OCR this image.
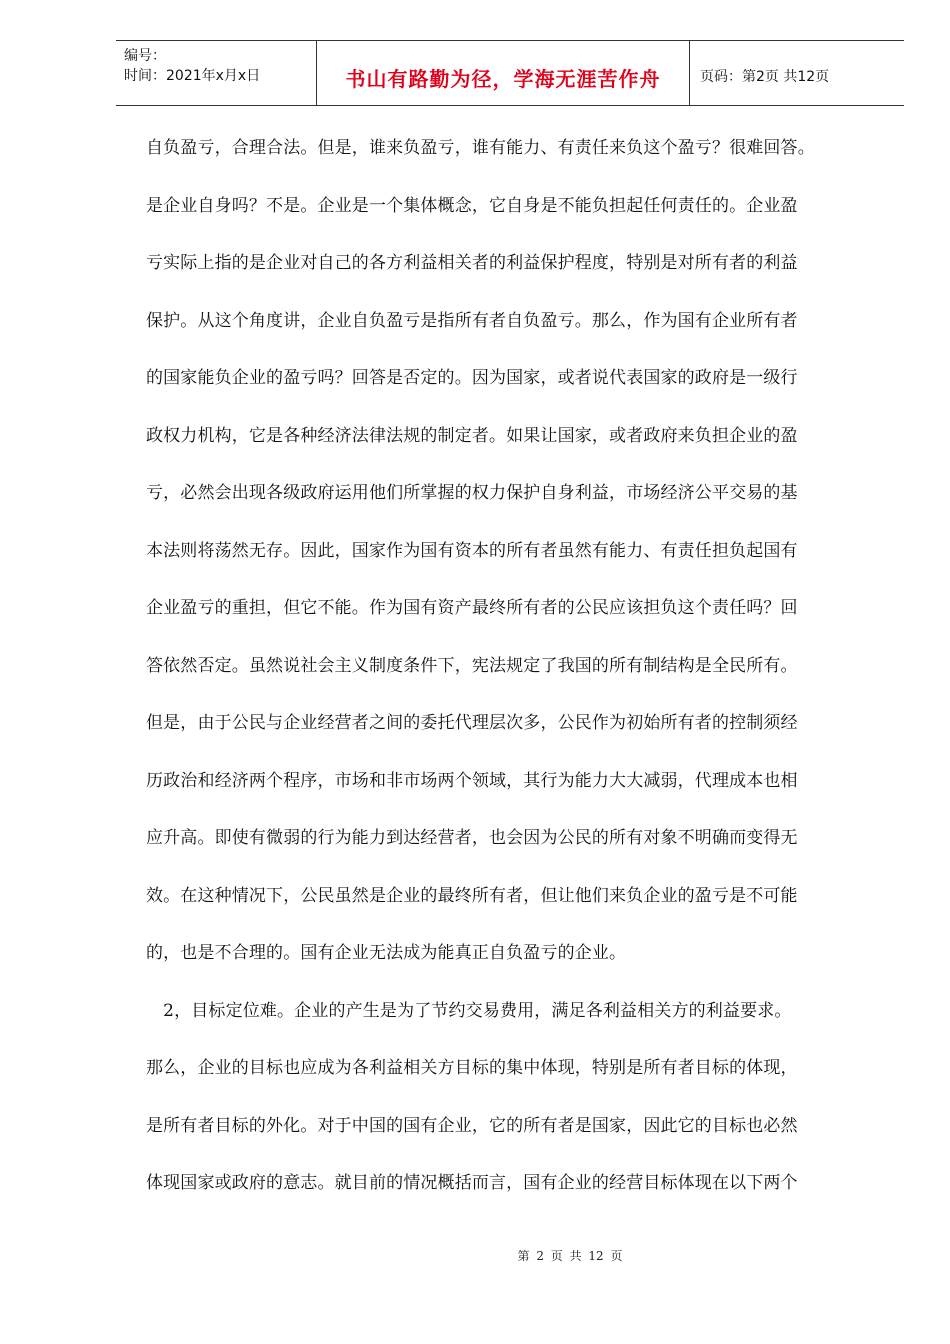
编号：
时间：2021年x月x日	书山有路勤为径，学海无涯苦作舟	页码：第2页 共12页
自负盈亏，合理合法。但是，谁来负盈亏，谁有能力、有责任来负这个盈亏？很难回答。
是企业自身吗？不是。企业是一个集体概念，它自身是不能负担起任何责任的。企业盈
亏实际上指的是企业对自己的各方利益相关者的利益保护程度，特别是对所有者的利益
保护。从这个角度讲，企业自负盈亏是指所有者自负盈亏。那么，作为国有企业所有者
的国家能负企业的盈亏吗？回答是否定的。因为国家，或者说代表国家的政府是一级行
政权力机构，它是各种经济法律法规的制定者。如果让国家，或者政府来负担企业的盈
亏，必然会出现各级政府运用他们所掌握的权力保护自身利益，市场经济公平交易的基
本法则将荡然无存。因此，国家作为国有资本的所有者虽然有能力、有责任担负起国有
企业盈亏的重担，但它不能。作为国有资产最终所有者的公民应该担负这个责任吗？回
答依然否定。虽然说社会主义制度条件下，宪法规定了我国的所有制结构是全民所有。
但是，由于公民与企业经营者之间的委托代理层次多，公民作为初始所有者的控制须经
历政治和经济两个程序，市场和非市场两个领域，其行为能力大大减弱，代理成本也相
应升高。即使有微弱的行为能力到达经营者，也会因为公民的所有对象不明确而变得无
效。在这种情况下，公民虽然是企业的最终所有者，但让他们来负企业的盈亏是不可能
的，也是不合理的。国有企业无法成为能真正自负盈亏的企业。
　2，目标定位难。企业的产生是为了节约交易费用，满足各利益相关方的利益要求。
那么，企业的目标也应成为各利益相关方目标的集中体现，特别是所有者目标的体现，
是所有者目标的外化。对于中国的国有企业，它的所有者是国家，因此它的目标也必然
体现国家或政府的意志。就目前的情况概括而言，国有企业的经营目标体现在以下两个
第 2 页 共 12 页
